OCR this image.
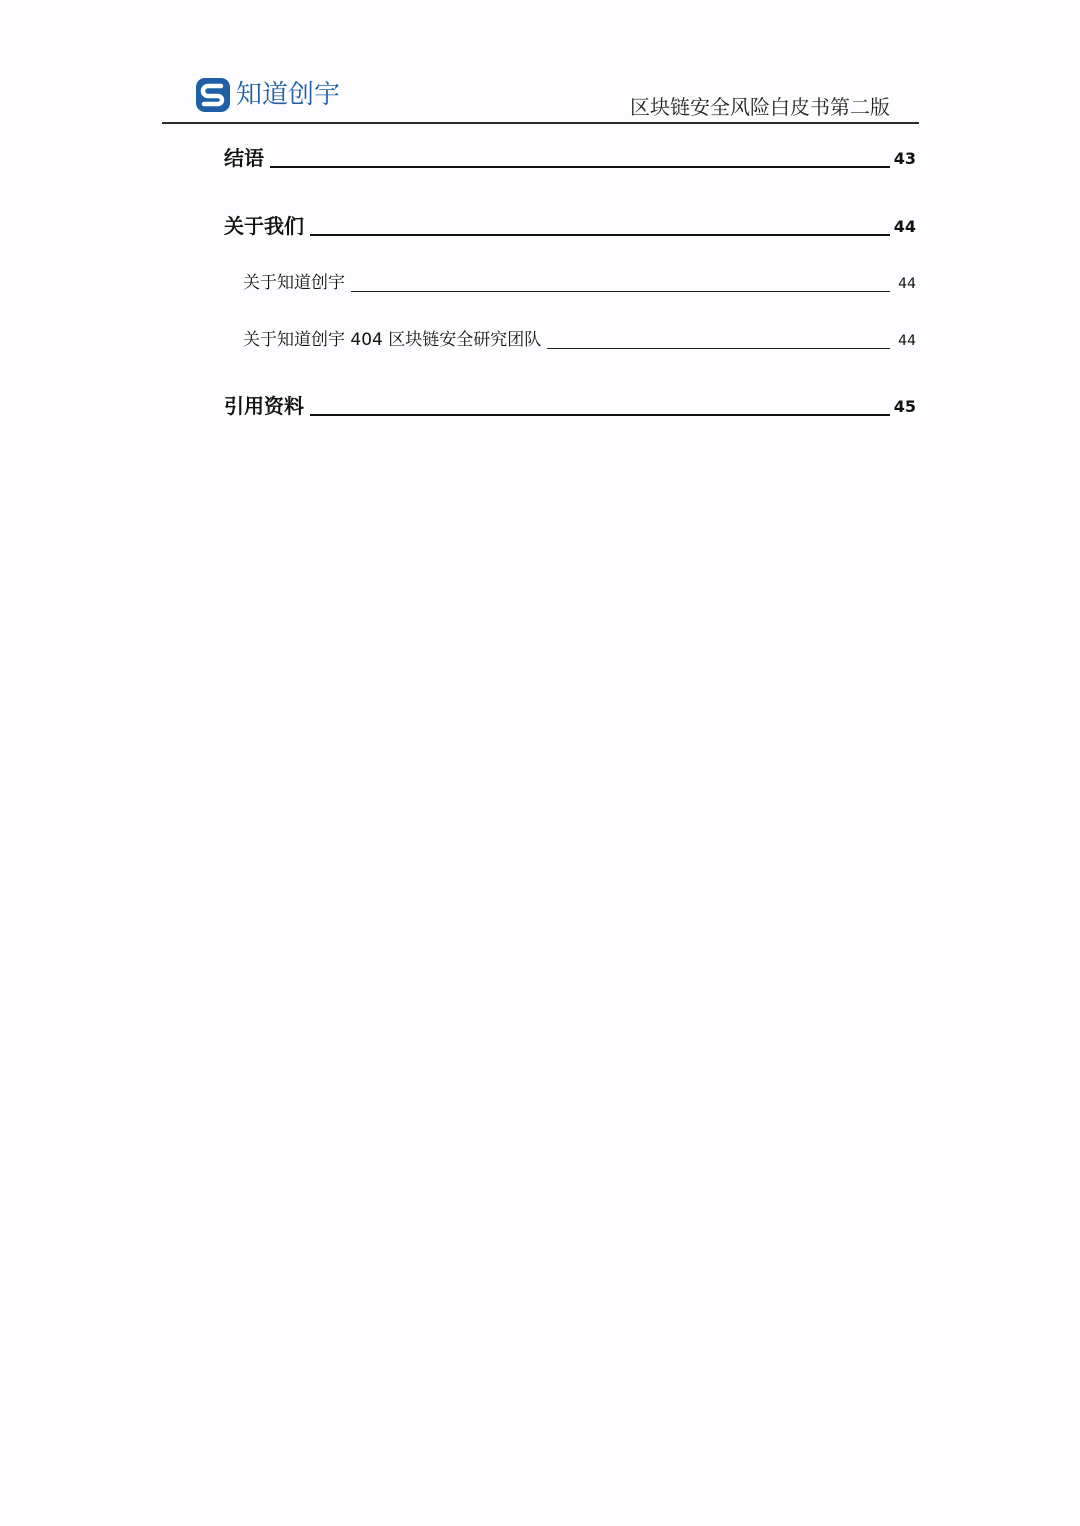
知道创宇	区块链安全风险白皮书第二版
结语	43
关于我们	44
关于知道创宇	44
关于知道创宇 404 区块链安全研究团队	44
引用资料	45
